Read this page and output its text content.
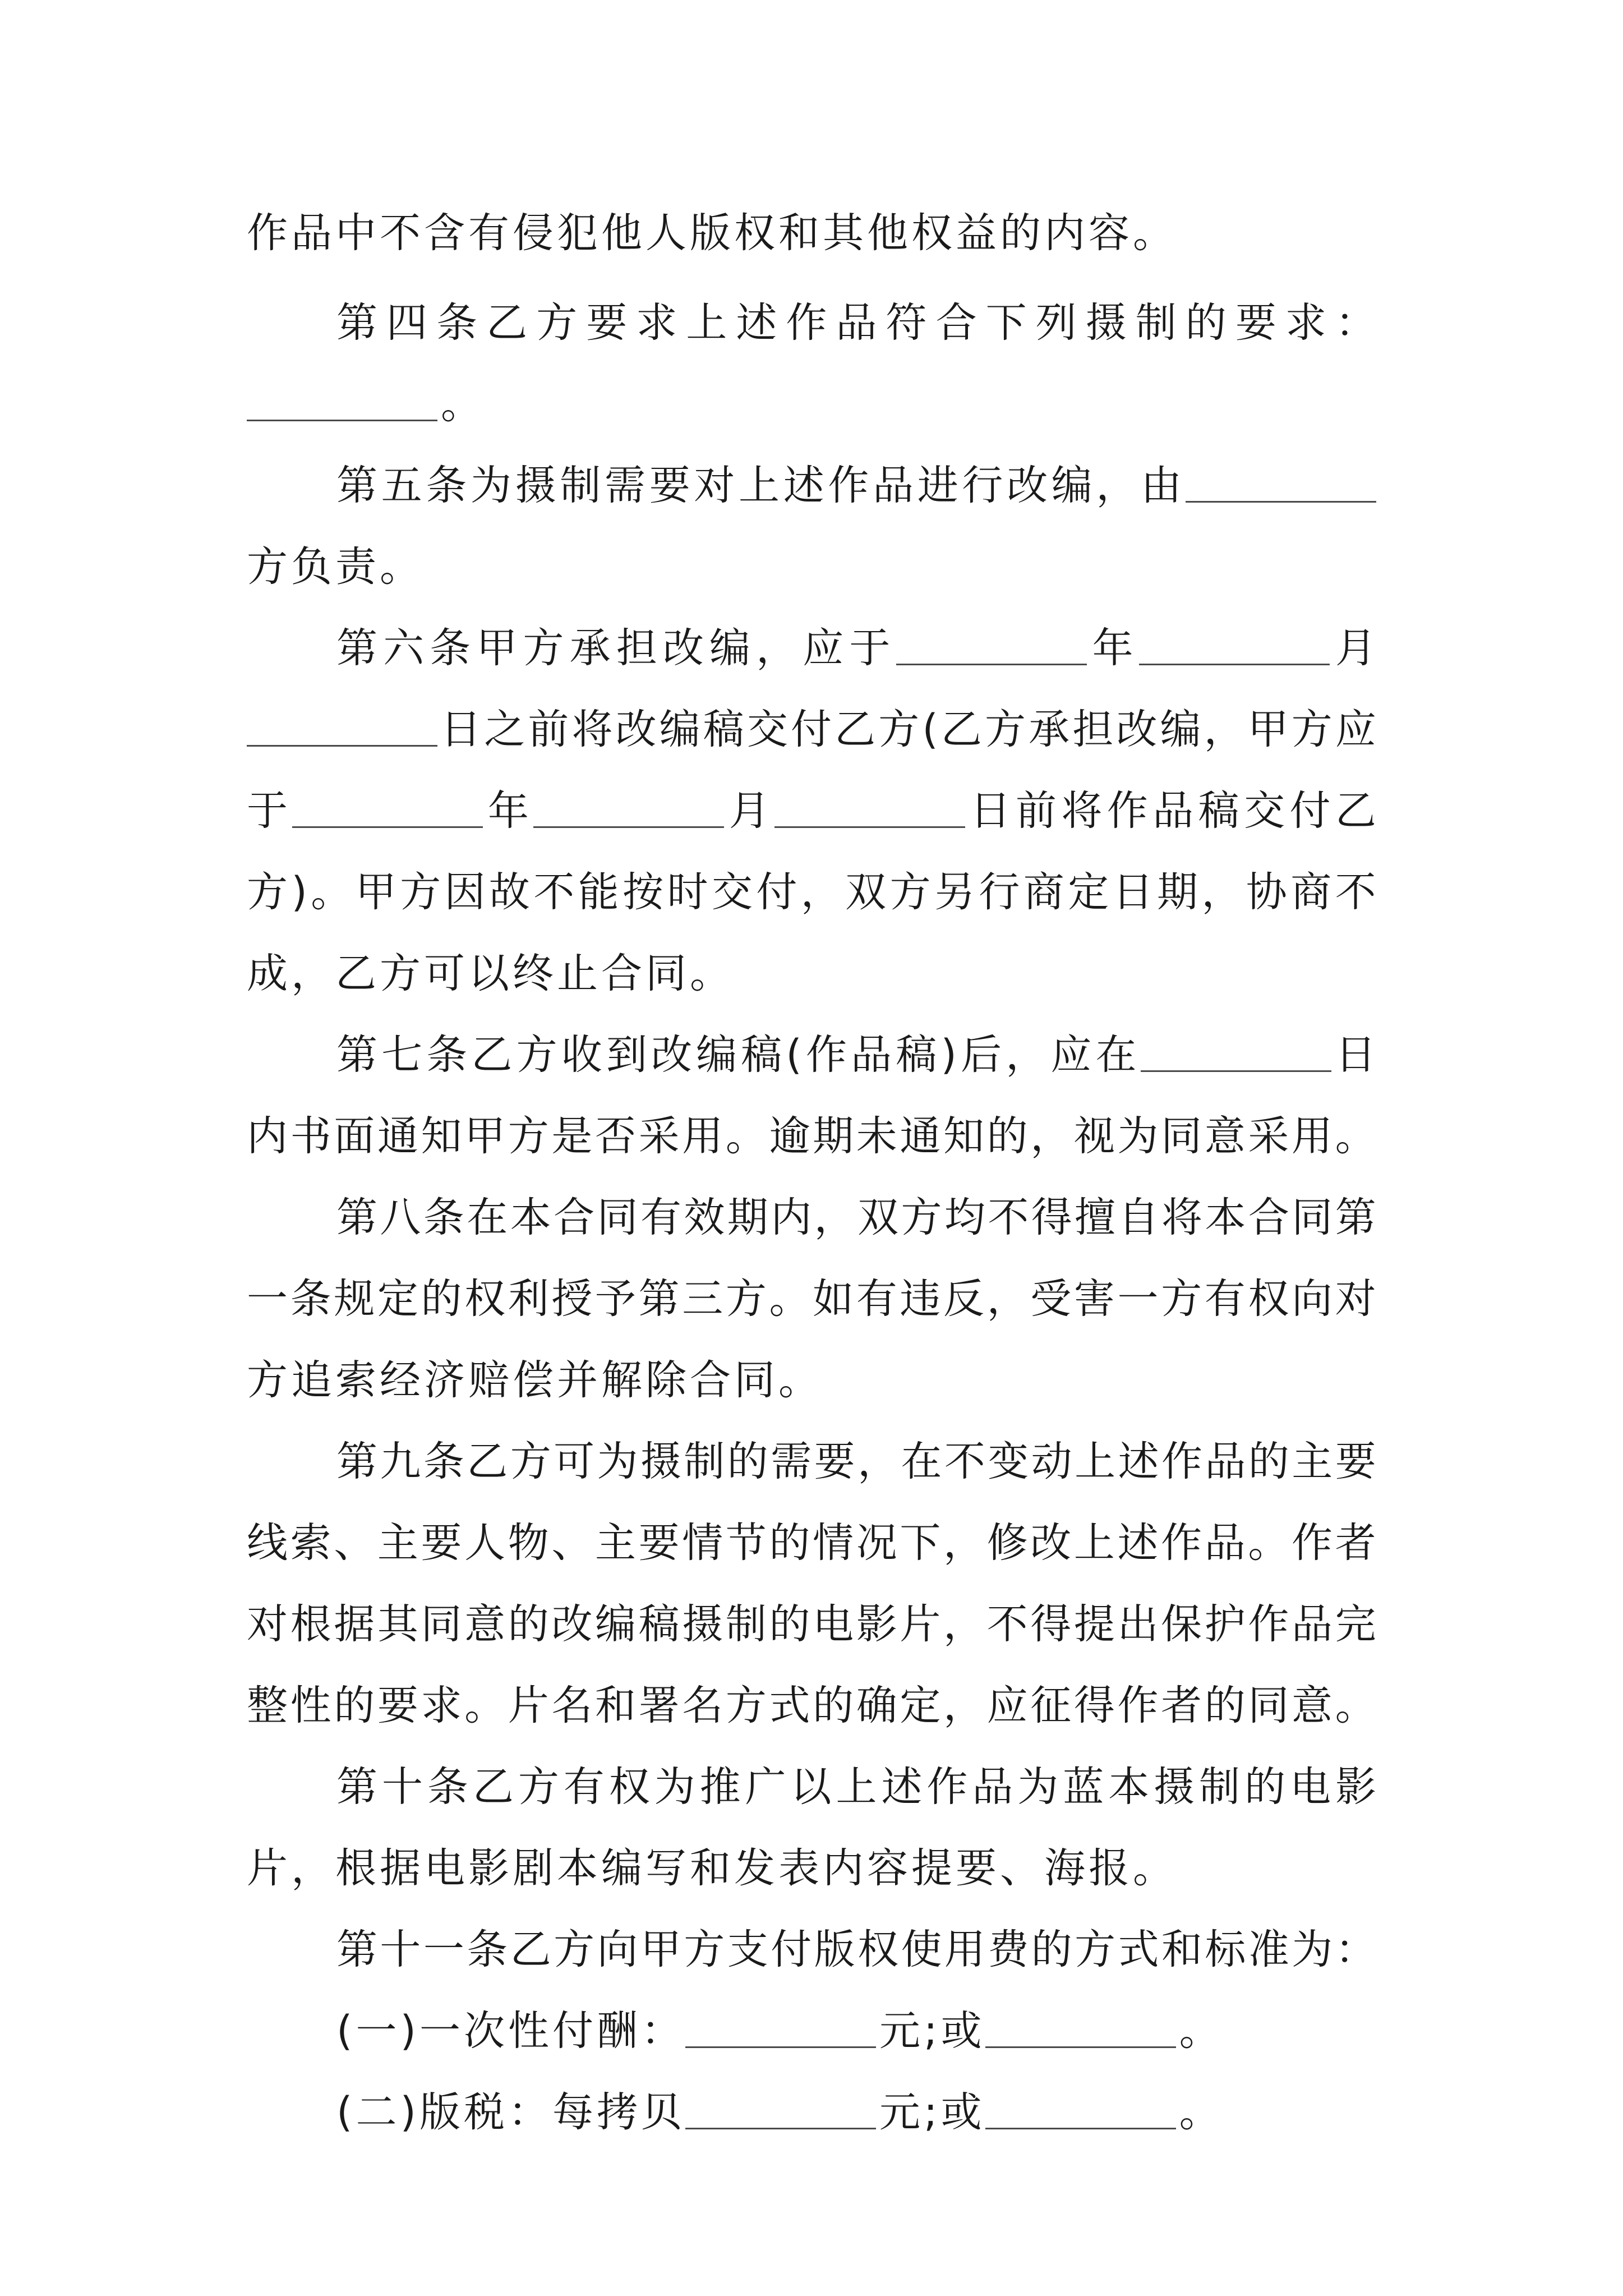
作 品 中 不 含 有 侵 犯 他 人 版 权 和 其 他 权 益 的 内 容 。
第 四 条 乙 方 要 求 上 述 作 品 符 合 下 列 摄 制 的 要 求 ：
。
第 五 条 为 摄 制 需 要 对 上 述 作 品 进 行 改 编 ， 由
方 负 责 。
第 六 条 甲 方 承 担 改 编 ， 应 于	年	月
日 之 前 将 改 编 稿 交 付 乙 方 ( 乙 方 承 担 改 编 ， 甲 方 应
于	年	月	日 前 将 作 品 稿 交 付 乙
方 ) 。 甲 方 因 故 不 能 按 时 交 付 ， 双 方 另 行 商 定 日 期 ， 协 商 不
成 ， 乙 方 可 以 终 止 合 同 。
第 七 条 乙 方 收 到 改 编 稿 ( 作 品 稿 ) 后 ， 应 在	日
内 书 面 通 知 甲 方 是 否 采 用 。 逾 期 未 通 知 的 ， 视 为 同 意 采 用 。
第 八 条 在 本 合 同 有 效 期 内 ， 双 方 均 不 得 擅 自 将 本 合 同 第
一 条 规 定 的 权 利 授 予 第 三 方 。 如 有 违 反 ， 受 害 一 方 有 权 向 对
方 追 索 经 济 赔 偿 并 解 除 合 同 。
第 九 条 乙 方 可 为 摄 制 的 需 要 ， 在 不 变 动 上 述 作 品 的 主 要
线 索 、 主 要 人 物 、 主 要 情 节 的 情 况 下 ， 修 改 上 述 作 品 。 作 者
对 根 据 其 同 意 的 改 编 稿 摄 制 的 电 影 片 ， 不 得 提 出 保 护 作 品 完
整 性 的 要 求 。 片 名 和 署 名 方 式 的 确 定 ， 应 征 得 作 者 的 同 意 。
第 十 条 乙 方 有 权 为 推 广 以 上 述 作 品 为 蓝 本 摄 制 的 电 影
片 ， 根 据 电 影 剧 本 编 写 和 发 表 内 容 提 要 、 海 报 。
第 十 一 条 乙 方 向 甲 方 支 付 版 权 使 用 费 的 方 式 和 标 准 为 ：
( 一 ) 一 次 性 付 酬 ：	元 ; 或	。
( 二 ) 版 税 ： 每 拷 贝	元 ; 或	。
